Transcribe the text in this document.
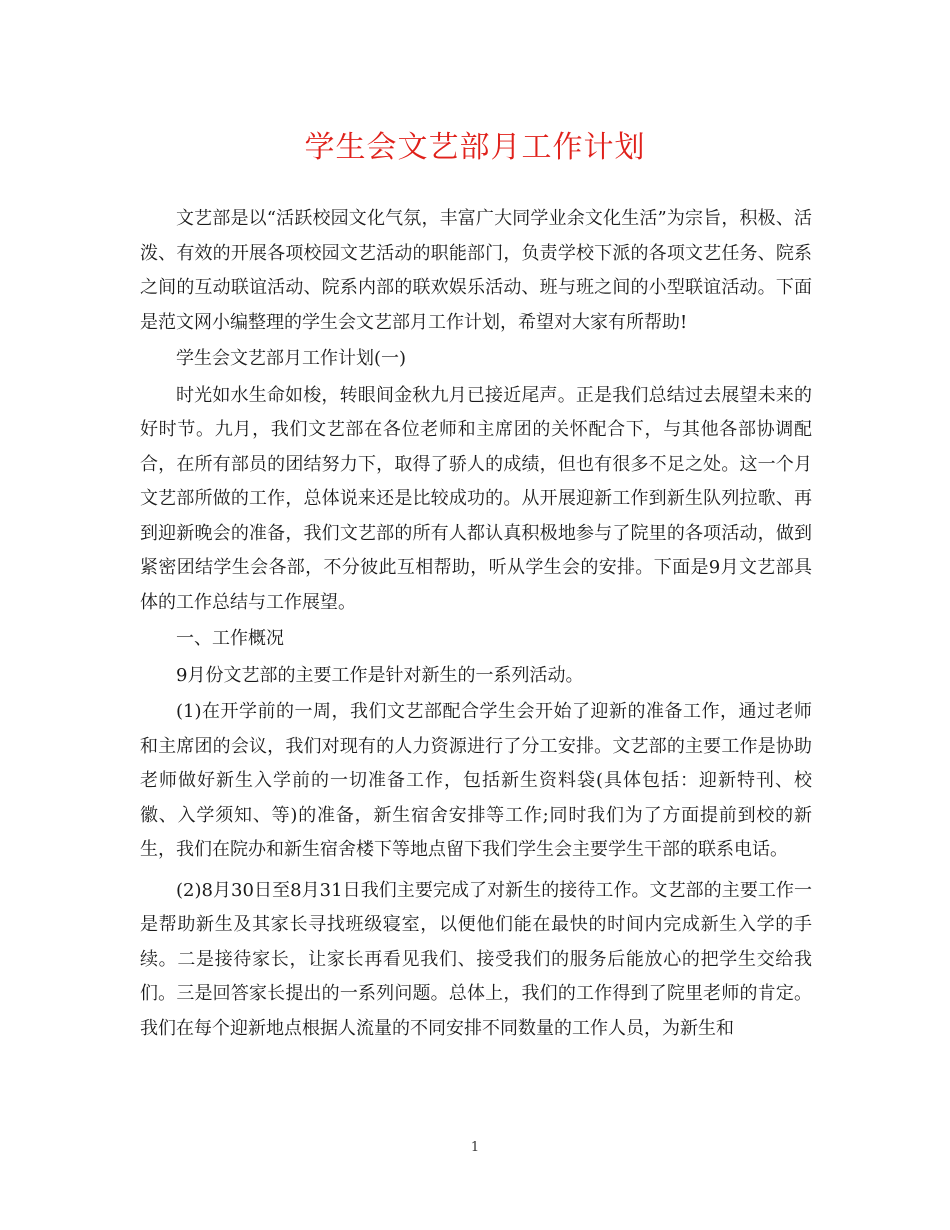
学生会文艺部月工作计划

文艺部是以“活跃校园文化气氛，丰富广大同学业余文化生活”为宗旨，积极、活泼、有效的开展各项校园文艺活动的职能部门，负责学校下派的各项文艺任务、院系之间的互动联谊活动、院系内部的联欢娱乐活动、班与班之间的小型联谊活动。下面是范文网小编整理的学生会文艺部月工作计划，希望对大家有所帮助!

学生会文艺部月工作计划(一)

时光如水生命如梭，转眼间金秋九月已接近尾声。正是我们总结过去展望未来的好时节。九月，我们文艺部在各位老师和主席团的关怀配合下，与其他各部协调配合，在所有部员的团结努力下，取得了骄人的成绩，但也有很多不足之处。这一个月文艺部所做的工作，总体说来还是比较成功的。从开展迎新工作到新生队列拉歌、再到迎新晚会的准备，我们文艺部的所有人都认真积极地参与了院里的各项活动，做到紧密团结学生会各部，不分彼此互相帮助，听从学生会的安排。下面是9月文艺部具体的工作总结与工作展望。

一、工作概况

9月份文艺部的主要工作是针对新生的一系列活动。

(1)在开学前的一周，我们文艺部配合学生会开始了迎新的准备工作，通过老师和主席团的会议，我们对现有的人力资源进行了分工安排。文艺部的主要工作是协助老师做好新生入学前的一切准备工作，包括新生资料袋(具体包括：迎新特刊、校徽、入学须知、等)的准备，新生宿舍安排等工作;同时我们为了方面提前到校的新生，我们在院办和新生宿舍楼下等地点留下我们学生会主要学生干部的联系电话。

(2)8月30日至8月31日我们主要完成了对新生的接待工作。文艺部的主要工作一是帮助新生及其家长寻找班级寝室，以便他们能在最快的时间内完成新生入学的手续。二是接待家长，让家长再看见我们、接受我们的服务后能放心的把学生交给我们。三是回答家长提出的一系列问题。总体上，我们的工作得到了院里老师的肯定。我们在每个迎新地点根据人流量的不同安排不同数量的工作人员，为新生和

1
